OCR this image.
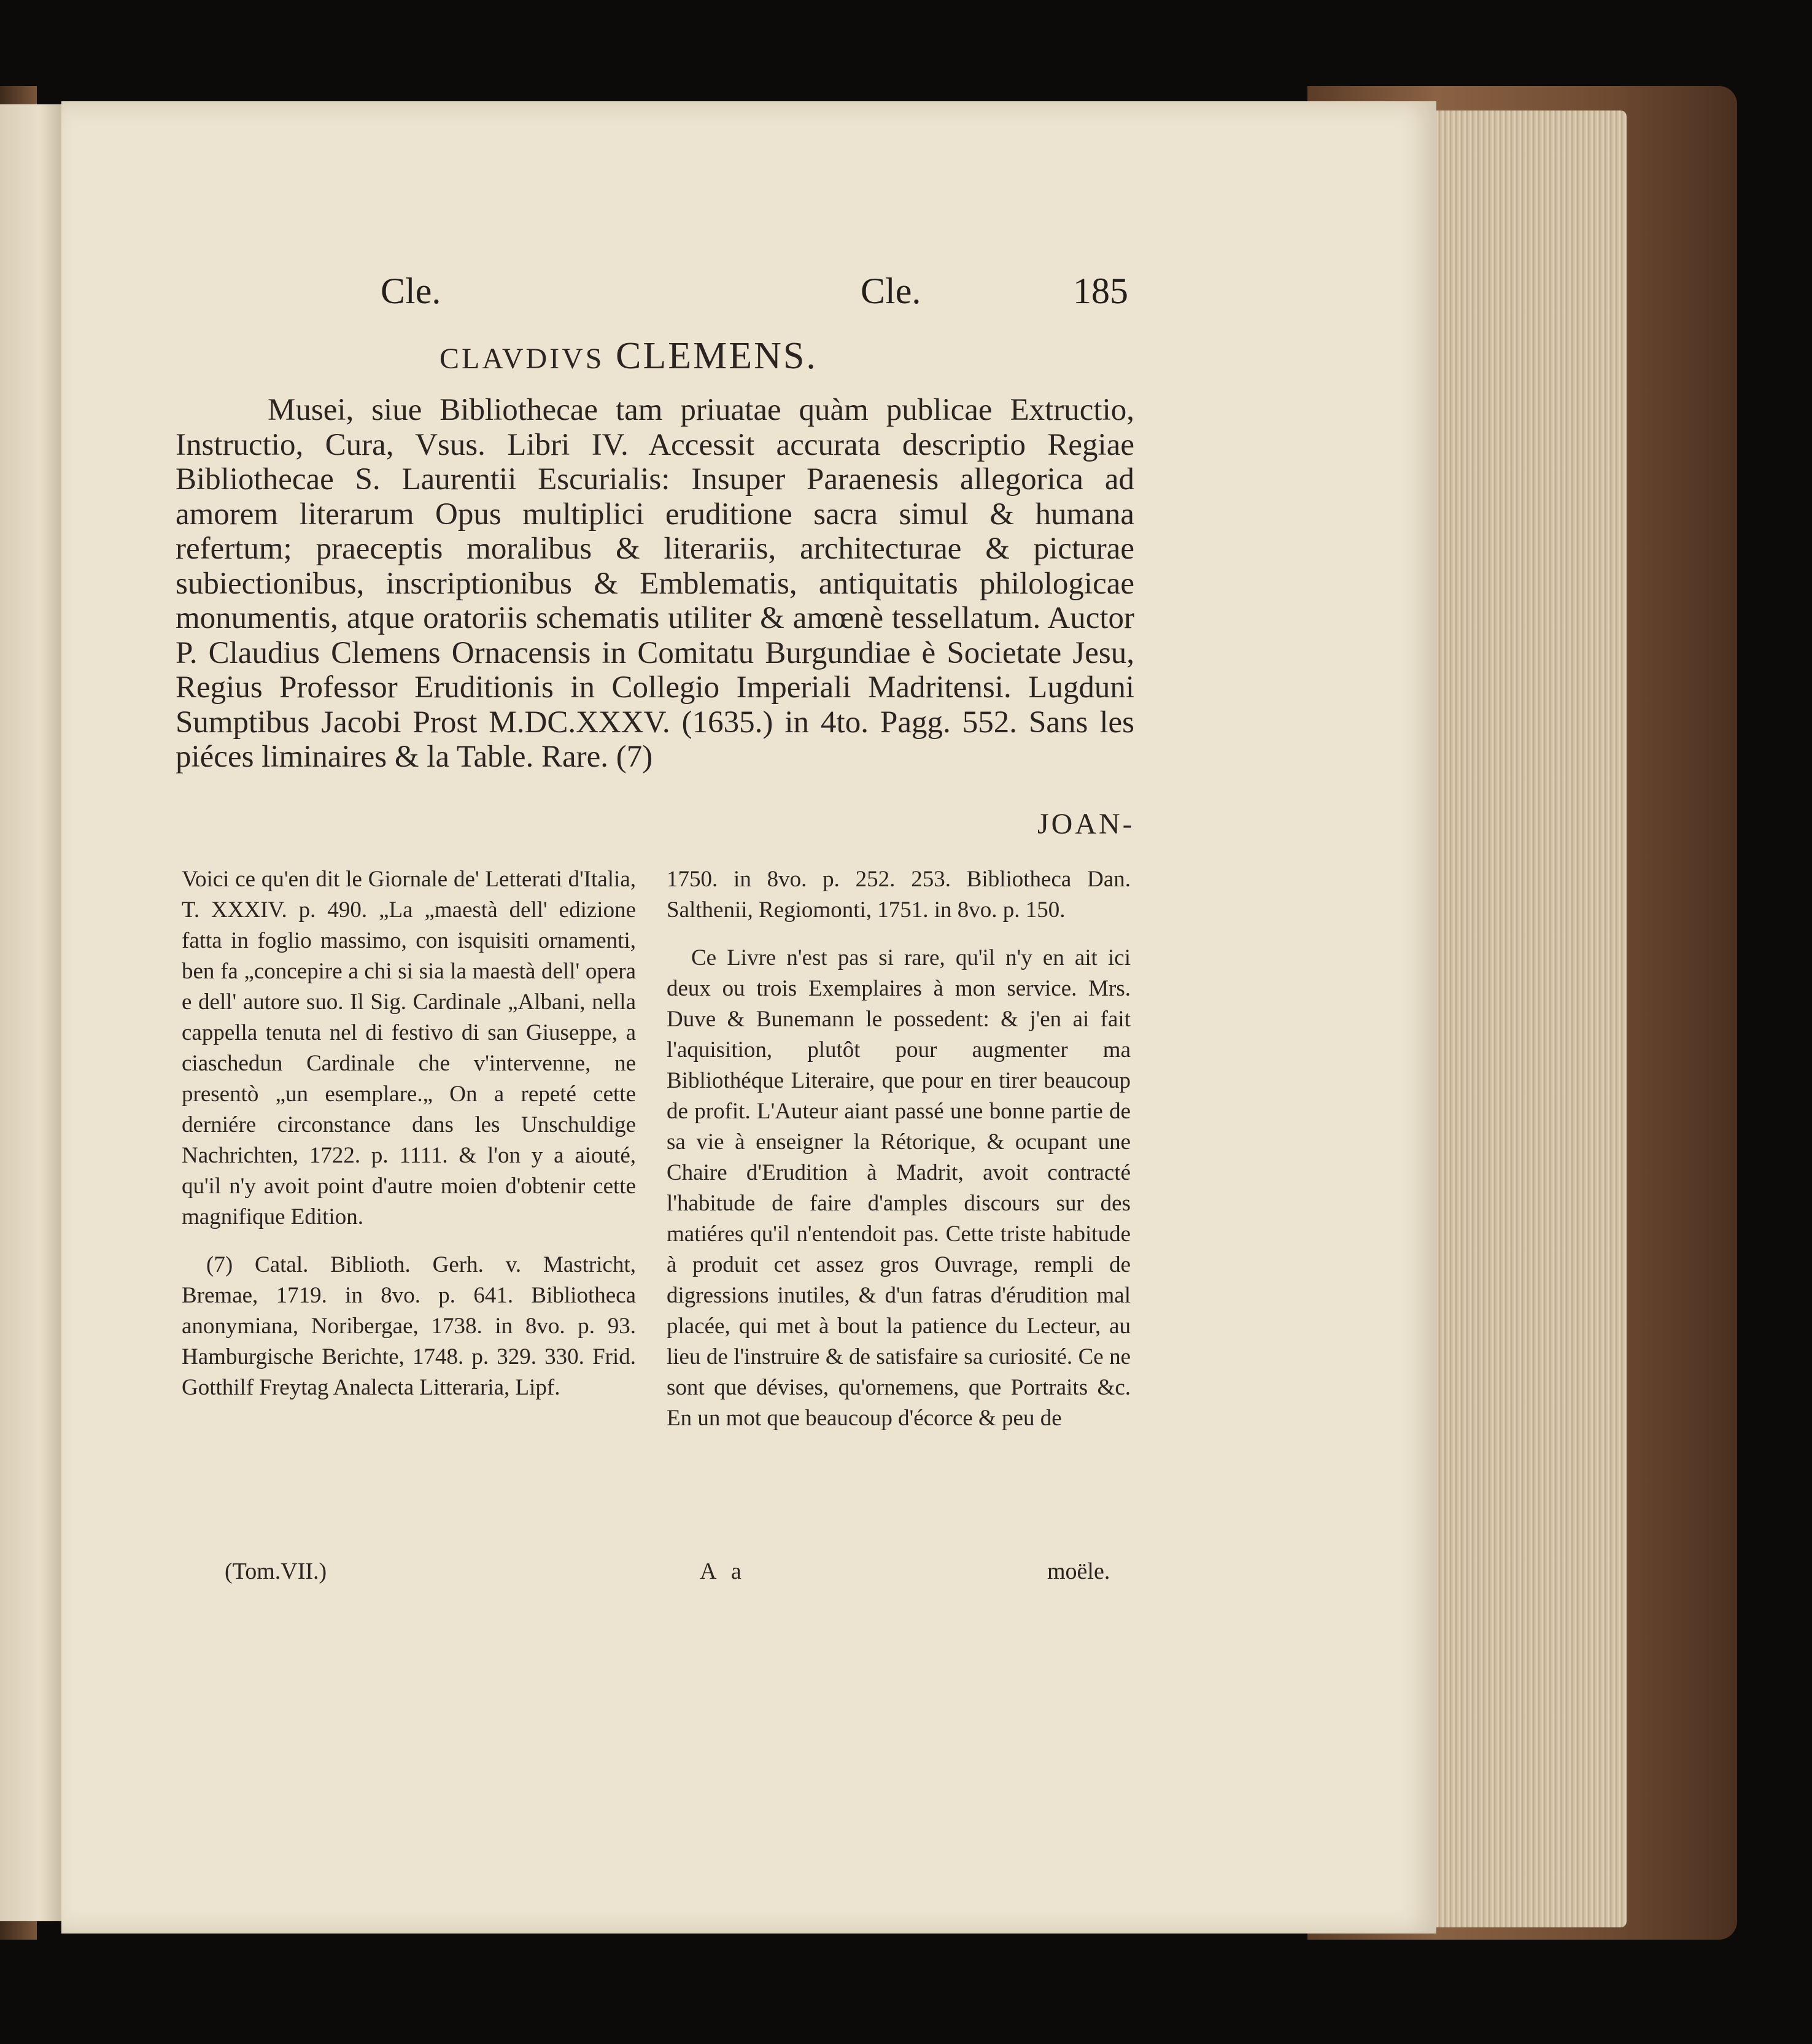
Cle.	Cle.	185
CLAVDIVS CLEMENS.

Musei, siue Bibliothecae tam priuatae quàm publicae Extructio, Instructio, Cura, Vsus. Libri IV. Accessit accurata descriptio Regiae Bibliothecae S. Laurentii Escurialis: Insuper Paraenesis allegorica ad amorem literarum Opus multiplici eruditione sacra simul & humana refertum; praeceptis moralibus & literariis, architecturae & picturae subiectionibus, inscriptionibus & Emblematis, antiquitatis philologicae monumentis, atque oratoriis schematis utiliter & amœnè tessellatum. Auctor P. Claudius Clemens Ornacensis in Comitatu Burgundiae è Societate Jesu, Regius Professor Eruditionis in Collegio Imperiali Madritensi. Lugduni Sumptibus Jacobi Prost M.DC.XXXV. (1635.) in 4to. Pagg. 552. Sans les piéces liminaires & la Table. Rare. (7)

JOAN-

Voici ce qu'en dit le Giornale de' Letterati d'Italia, T. XXXIV. p. 490. „La „maestà dell' edizione fatta in foglio massimo, con isquisiti ornamenti, ben fa „concepire a chi si sia la maestà dell' opera e dell' autore suo. Il Sig. Cardinale „Albani, nella cappella tenuta nel di festivo di san Giuseppe, a ciaschedun Cardinale che v'intervenne, ne presentò „un esemplare.„ On a repeté cette derniére circonstance dans les Unschuldige Nachrichten, 1722. p. 1111. & l'on y a aiouté, qu'il n'y avoit point d'autre moien d'obtenir cette magnifique Edition.

(7) Catal. Biblioth. Gerh. v. Mastricht, Bremae, 1719. in 8vo. p. 641. Bibliotheca anonymiana, Noribergae, 1738. in 8vo. p. 93. Hamburgische Berichte, 1748. p. 329. 330. Frid. Gotthilf Freytag Analecta Litteraria, Lipf.

1750. in 8vo. p. 252. 253. Bibliotheca Dan. Salthenii, Regiomonti, 1751. in 8vo. p. 150.

Ce Livre n'est pas si rare, qu'il n'y en ait ici deux ou trois Exemplaires à mon service. Mrs. Duve & Bunemann le possedent: & j'en ai fait l'aquisition, plutôt pour augmenter ma Bibliothéque Literaire, que pour en tirer beaucoup de profit. L'Auteur aiant passé une bonne partie de sa vie à enseigner la Rétorique, & ocupant une Chaire d'Erudition à Madrit, avoit contracté l'habitude de faire d'amples discours sur des matiéres qu'il n'entendoit pas. Cette triste habitude à produit cet assez gros Ouvrage, rempli de digressions inutiles, & d'un fatras d'érudition mal placée, qui met à bout la patience du Lecteur, au lieu de l'instruire & de satisfaire sa curiosité. Ce ne sont que dévises, qu'ornemens, que Portraits &c. En un mot que beaucoup d'écorce & peu de

(Tom.VII.)	A a	moële.
